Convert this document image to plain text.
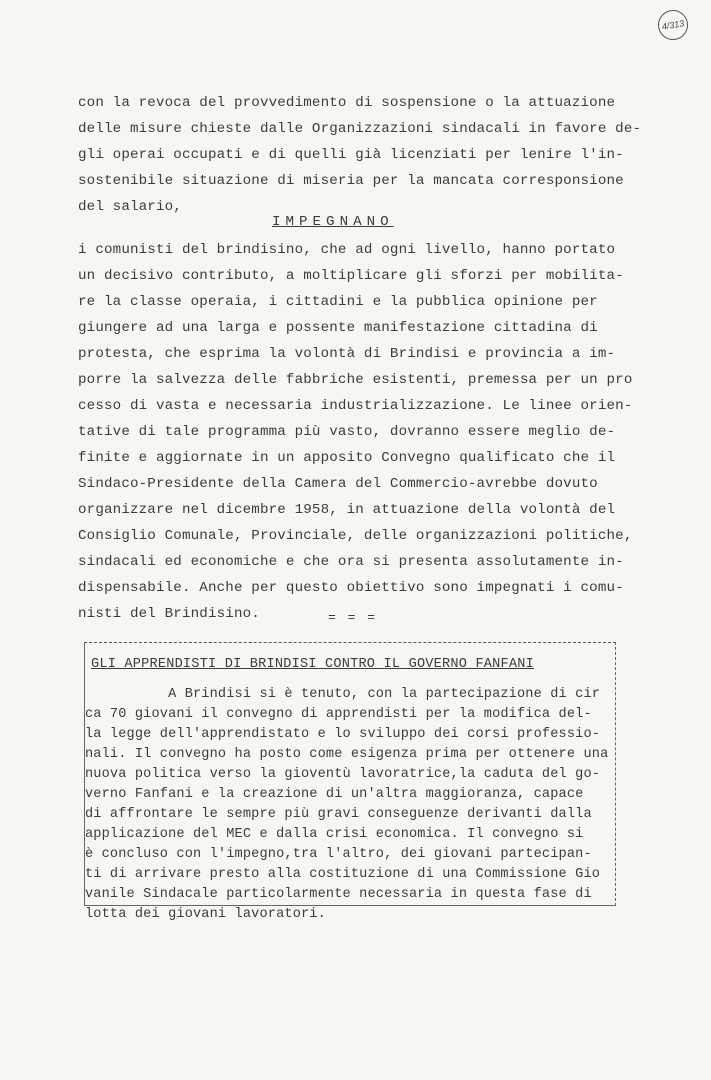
4/313
con la revoca del provvedimento di sospensione o la attuazione
delle misure chieste dalle Organizzazioni sindacali in favore de-
gli operai occupati e di quelli già licenziati per lenire l'in-
sostenibile situazione di miseria per la mancata corresponsione
del salario,
IMPEGNANO
i comunisti del brindisino, che ad ogni livello, hanno portato
un decisivo contributo, a moltiplicare gli sforzi per mobilita-
re la classe operaia, i cittadini e la pubblica opinione per
giungere ad una larga e possente manifestazione cittadina di
protesta, che esprima la volontà di Brindisi e provincia a im-
porre la salvezza delle fabbriche esistenti, premessa per un pro
cesso di vasta e necessaria industrializzazione. Le linee orien-
tative di tale programma più vasto, dovranno essere meglio de-
finite e aggiornate in un apposito Convegno qualificato che il
Sindaco-Presidente della Camera del Commercio-avrebbe dovuto
organizzare nel dicembre 1958, in attuazione della volontà del
Consiglio Comunale, Provinciale, delle organizzazioni politiche,
sindacali ed economiche e che ora si presenta assolutamente in-
dispensabile. Anche per questo obiettivo sono impegnati i comu-
nisti del Brindisino.	= = =
GLI APPRENDISTI DI BRINDISI CONTRO IL GOVERNO FANFANI
A Brindisi si è tenuto, con la partecipazione di cir
ca 70 giovani il convegno di apprendisti per la modifica del-
la legge dell'apprendistato e lo sviluppo dei corsi professio-
nali. Il convegno ha posto come esigenza prima per ottenere una
nuova politica verso la gioventù lavoratrice,la caduta del go-
verno Fanfani e la creazione di un'altra maggioranza, capace
di affrontare le sempre più gravi conseguenze derivanti dalla
applicazione del MEC e dalla crisi economica. Il convegno si
è concluso con l'impegno,tra l'altro, dei giovani partecipan-
ti di arrivare presto alla costituzione di una Commissione Gio
vanile Sindacale particolarmente necessaria in questa fase di
lotta dei giovani lavoratori.
